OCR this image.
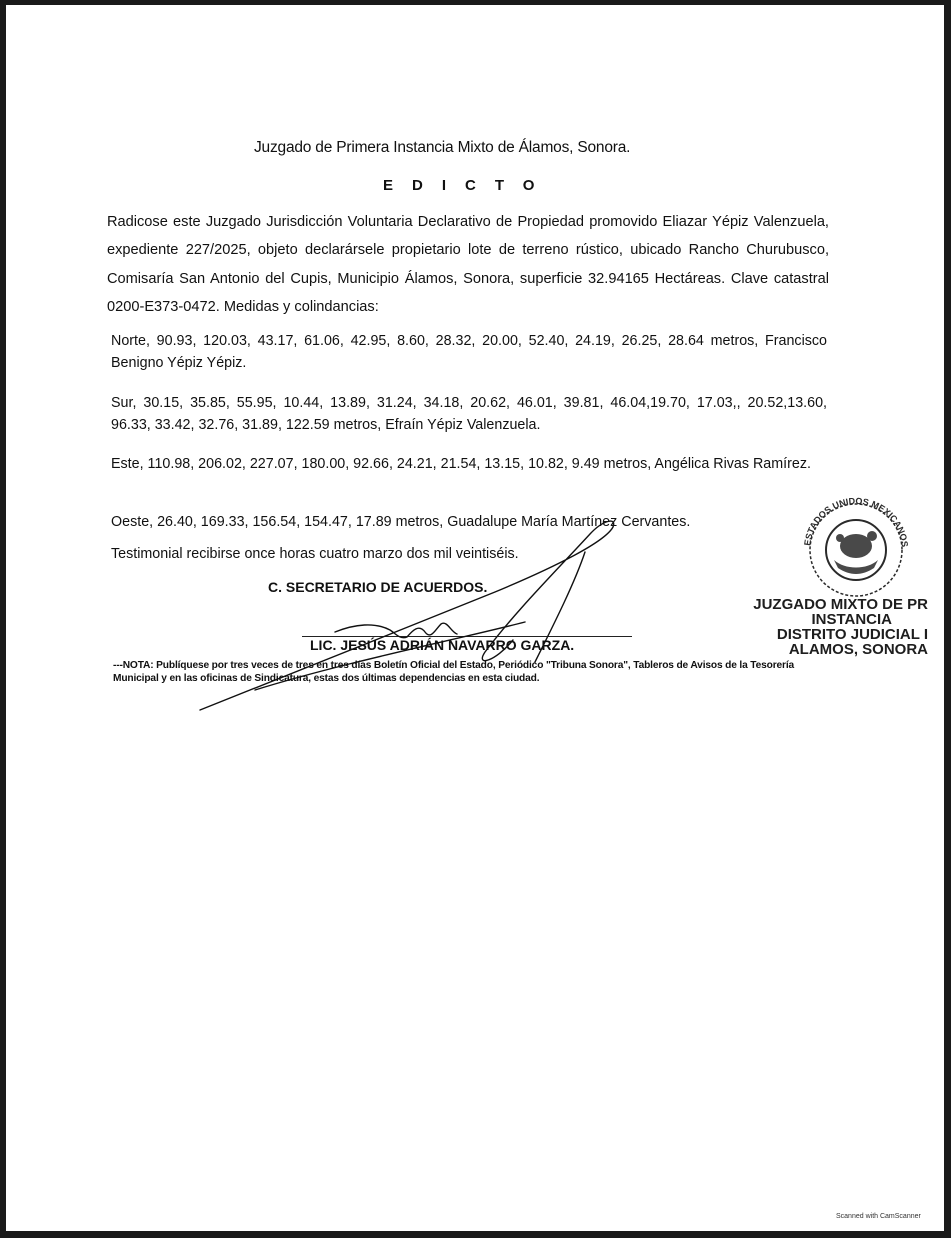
Juzgado de Primera Instancia Mixto de Álamos, Sonora.
EDICTO
Radicose este Juzgado Jurisdicción Voluntaria Declarativo de Propiedad promovido Eliazar Yépiz Valenzuela, expediente 227/2025, objeto declarársele propietario lote de terreno rústico, ubicado Rancho Churubusco, Comisaría San Antonio del Cupis, Municipio Álamos, Sonora, superficie 32.94165 Hectáreas. Clave catastral 0200-E373-0472. Medidas y colindancias:
Norte, 90.93, 120.03, 43.17, 61.06, 42.95, 8.60, 28.32, 20.00, 52.40, 24.19, 26.25, 28.64 metros, Francisco Benigno Yépiz Yépiz.
Sur, 30.15, 35.85, 55.95, 10.44, 13.89, 31.24, 34.18, 20.62, 46.01, 39.81, 46.04,19.70, 17.03,, 20.52,13.60, 96.33, 33.42, 32.76, 31.89, 122.59 metros, Efraín Yépiz Valenzuela.
Este, 110.98, 206.02, 227.07, 180.00, 92.66, 24.21, 21.54, 13.15, 10.82, 9.49 metros, Angélica Rivas Ramírez.
Oeste, 26.40, 169.33, 156.54, 154.47, 17.89 metros, Guadalupe María Martínez Cervantes.
Testimonial recibirse once horas cuatro marzo dos mil veintiséis.
C. SECRETARIO DE ACUERDOS.
LIC. JESÚS ADRIÁN NAVARRO GARZA.
---NOTA: Publíquese por tres veces de tres en tres días Boletín Oficial del Estado, Periódico "Tribuna Sonora", Tableros de Avisos de la Tesorería Municipal y en las oficinas de Sindicatura, estas dos últimas dependencias en esta ciudad.
ESTADOS UNIDOS MEXICANOS
JUZGADO MIXTO DE PR
INSTANCIA
DISTRITO JUDICIAL I
ALAMOS, SONORA
Scanned with CamScanner
